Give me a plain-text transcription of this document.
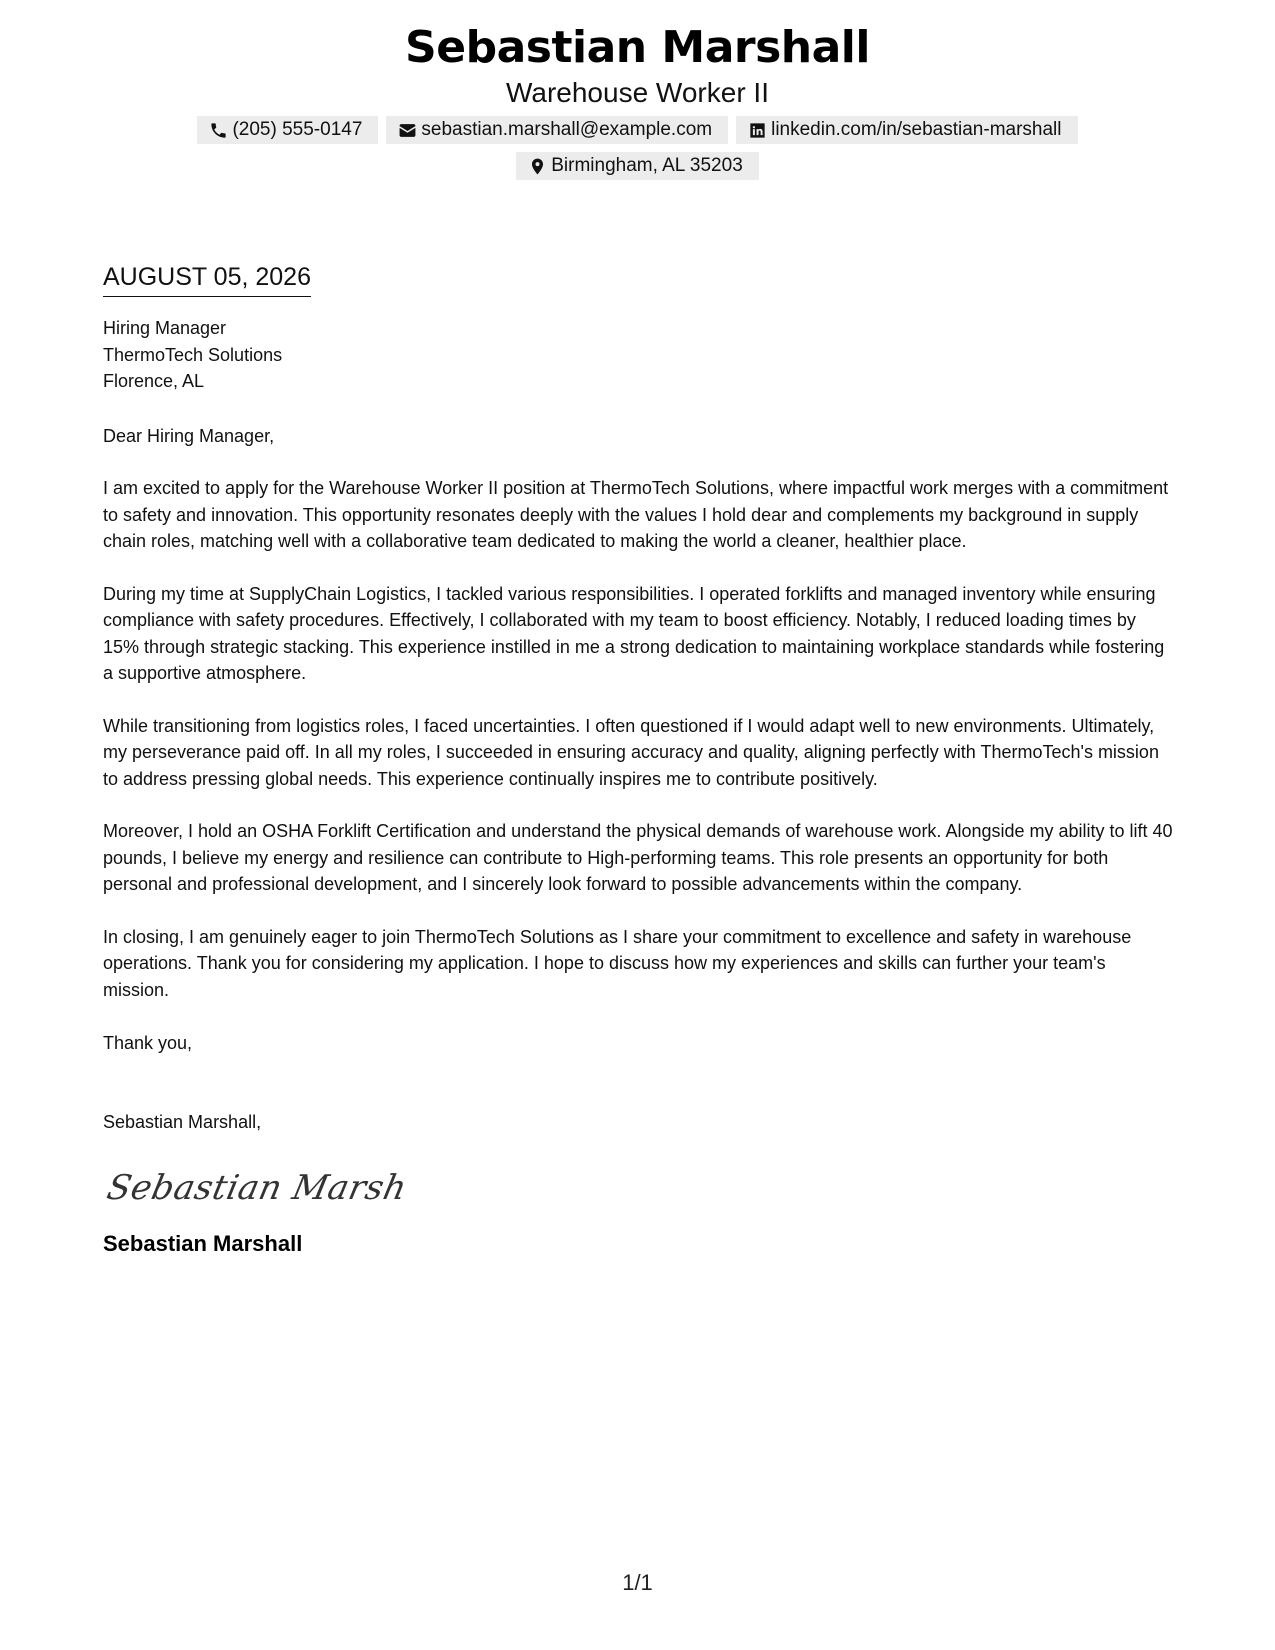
Sebastian Marshall
Warehouse Worker II
(205) 555-0147	sebastian.marshall@example.com	linkedin.com/in/sebastian-marshall
Birmingham, AL 35203
AUGUST 05, 2026
Hiring Manager
ThermoTech Solutions
Florence, AL
Dear Hiring Manager,

I am excited to apply for the Warehouse Worker II position at ThermoTech Solutions, where impactful work merges with a commitment to safety and innovation. This opportunity resonates deeply with the values I hold dear and complements my background in supply chain roles, matching well with a collaborative team dedicated to making the world a cleaner, healthier place.

During my time at SupplyChain Logistics, I tackled various responsibilities. I operated forklifts and managed inventory while ensuring compliance with safety procedures. Effectively, I collaborated with my team to boost efficiency. Notably, I reduced loading times by 15% through strategic stacking. This experience instilled in me a strong dedication to maintaining workplace standards while fostering a supportive atmosphere.

While transitioning from logistics roles, I faced uncertainties. I often questioned if I would adapt well to new environments. Ultimately, my perseverance paid off. In all my roles, I succeeded in ensuring accuracy and quality, aligning perfectly with ThermoTech's mission to address pressing global needs. This experience continually inspires me to contribute positively.

Moreover, I hold an OSHA Forklift Certification and understand the physical demands of warehouse work. Alongside my ability to lift 40 pounds, I believe my energy and resilience can contribute to High-performing teams. This role presents an opportunity for both personal and professional development, and I sincerely look forward to possible advancements within the company.

In closing, I am genuinely eager to join ThermoTech Solutions as I share your commitment to excellence and safety in warehouse operations. Thank you for considering my application. I hope to discuss how my experiences and skills can further your team's mission.

Thank you,
Sebastian Marshall,
Sebastian Marsh
Sebastian Marshall
1/1
